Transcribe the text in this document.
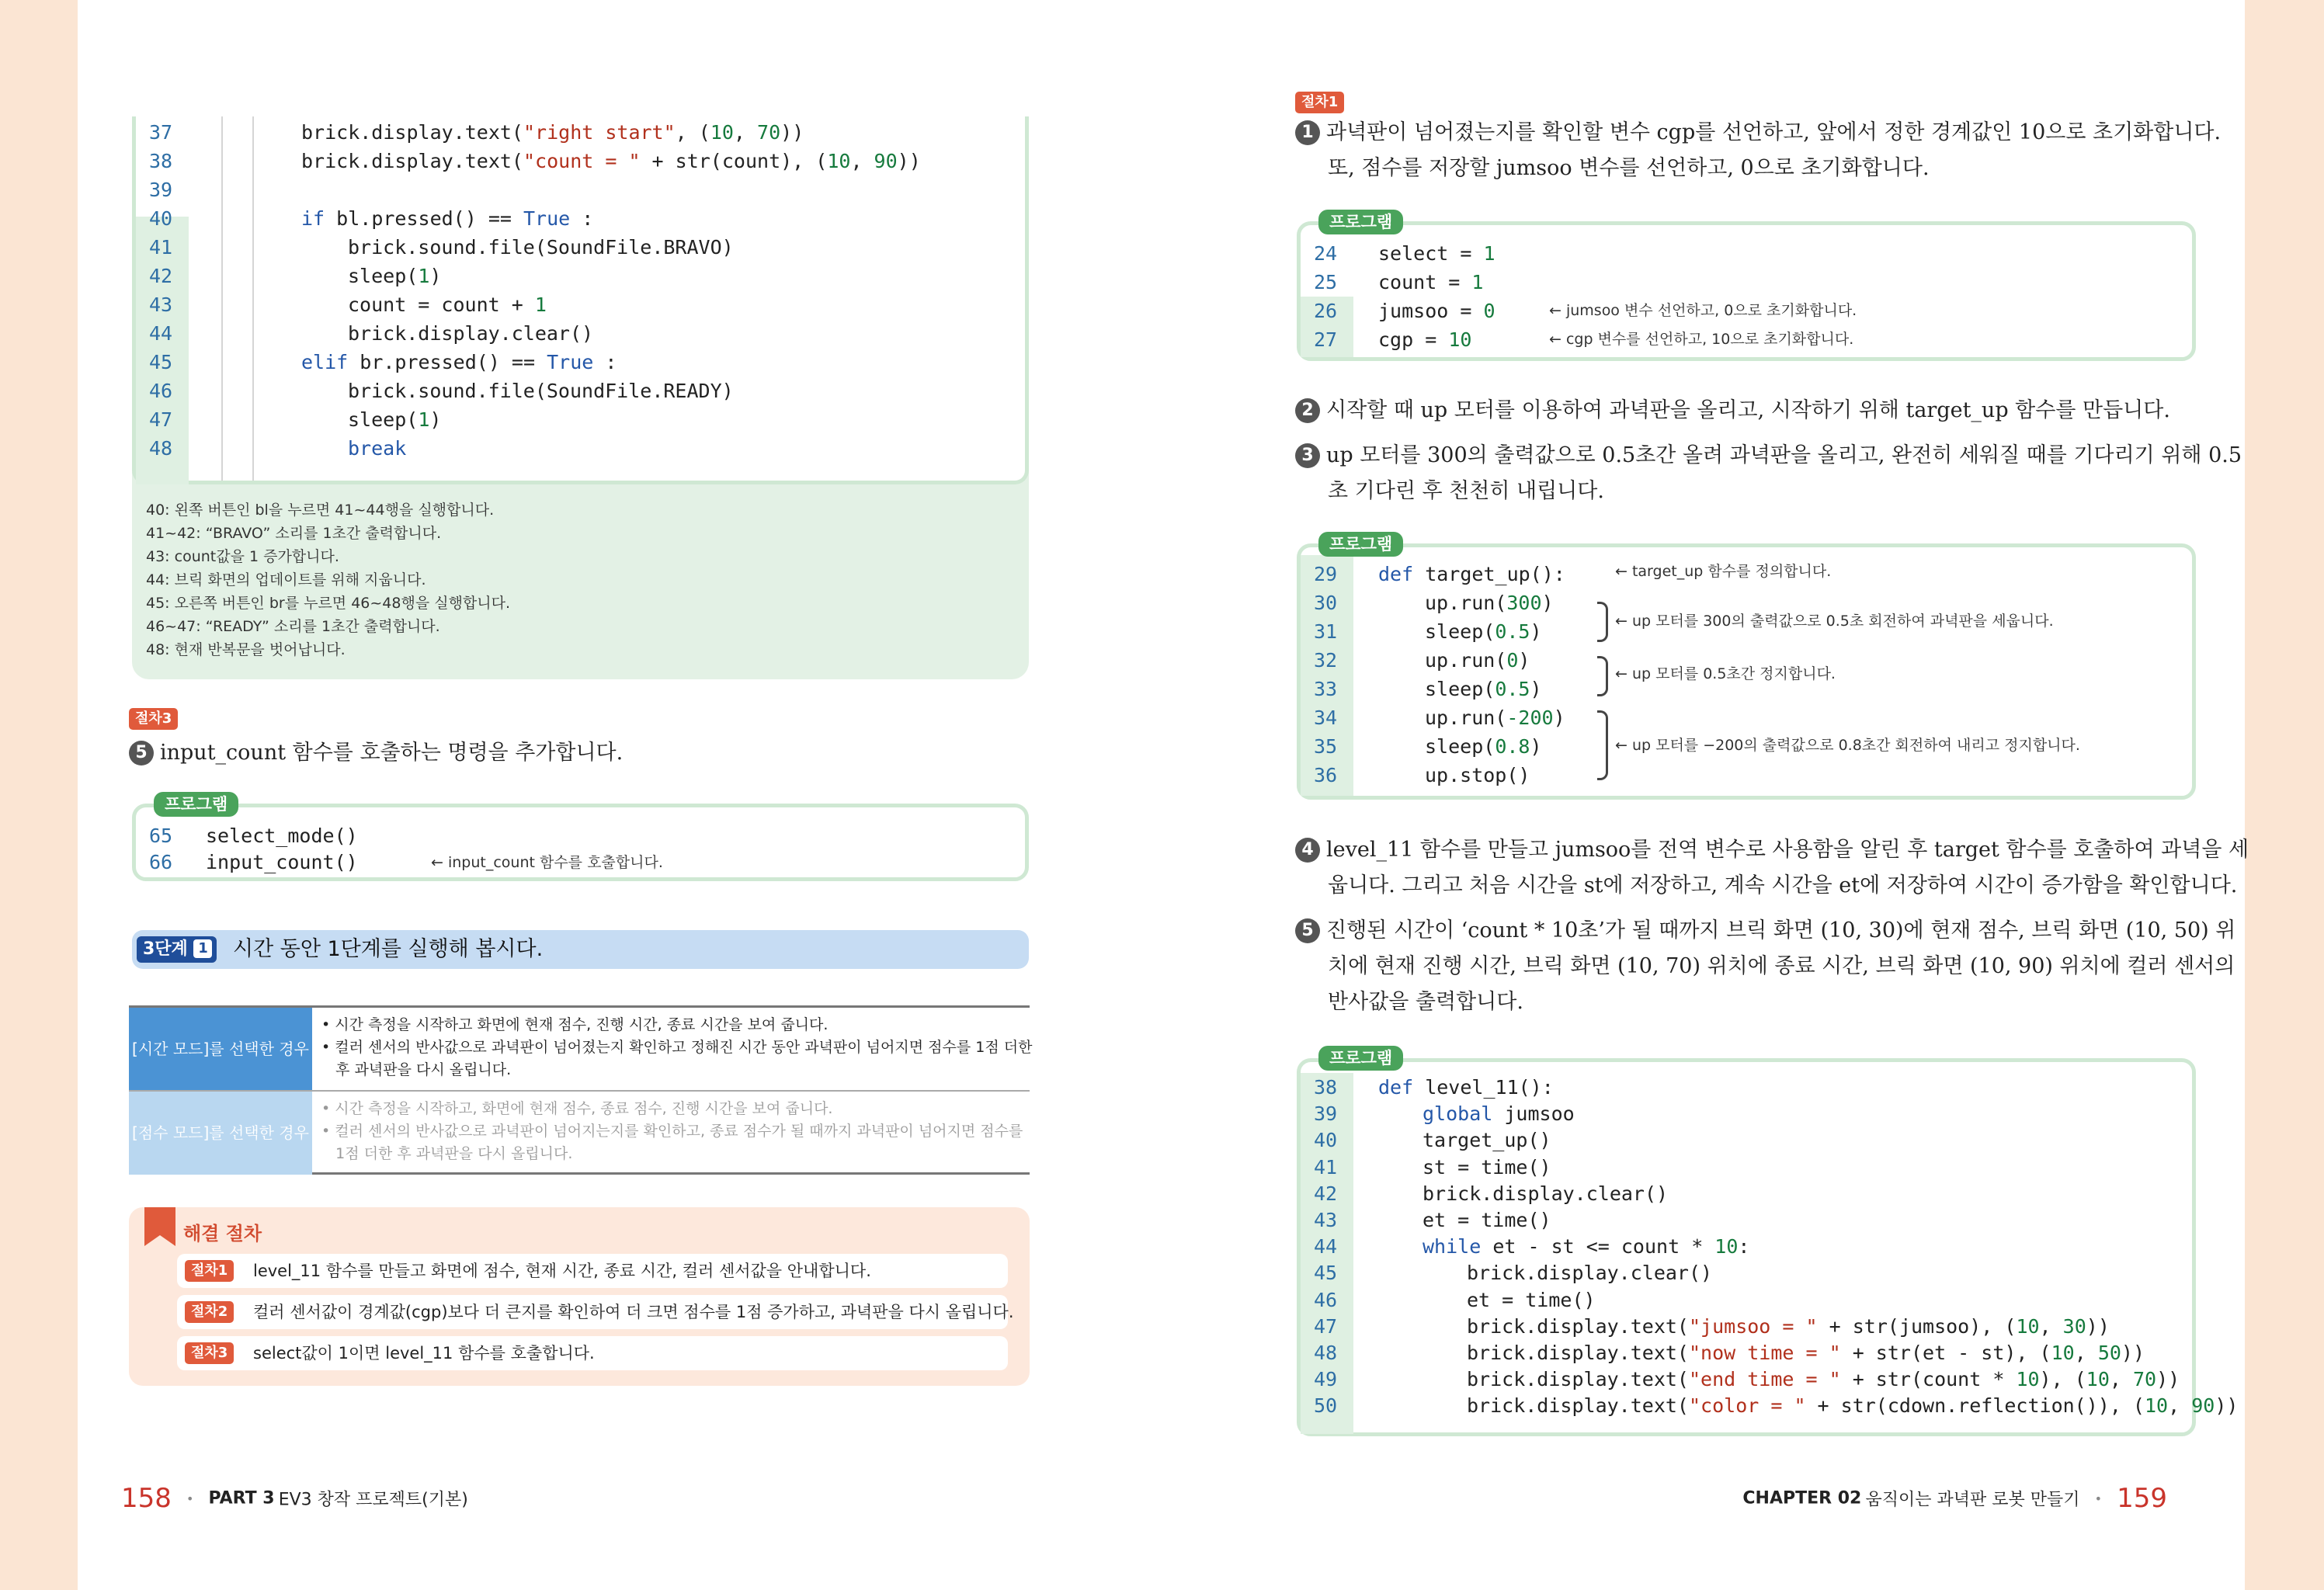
37	brick.display.text("right start", (10, 70))
38	brick.display.text("count = " + str(count), (10, 90))
39
40	if bl.pressed() == True :
41	brick.sound.file(SoundFile.BRAVO)
42	sleep(1)
43	count = count + 1
44	brick.display.clear()
45	elif br.pressed() == True :
46	brick.sound.file(SoundFile.READY)
47	sleep(1)
48	break
40: 왼쪽 버튼인 bl을 누르면 41~44행을 실행합니다.
41~42: “BRAVO” 소리를 1초간 출력합니다.
43: count값을 1 증가합니다.
44: 브릭 화면의 업데이트를 위해 지웁니다.
45: 오른쪽 버튼인 br를 누르면 46~48행을 실행합니다.
46~47: “READY” 소리를 1초간 출력합니다.
48: 현재 반복문을 벗어납니다.
절차3
5 input_count 함수를 호출하는 명령을 추가합니다.
65	select_mode()
66	input_count()	← input_count 함수를 호출합니다.
프로그램
3단계 1	시간 동안 1단계를 실행해 봅시다.
[시간 모드]를 선택한 경우
• 시간 측정을 시작하고 화면에 현재 점수, 진행 시간, 종료 시간을 보여 줍니다.
• 컬러 센서의 반사값으로 과녁판이 넘어졌는지 확인하고 정해진 시간 동안 과녁판이 넘어지면 점수를 1점 더한
후 과녁판을 다시 올립니다.
[점수 모드]를 선택한 경우
• 시간 측정을 시작하고, 화면에 현재 점수, 종료 점수, 진행 시간을 보여 줍니다.
• 컬러 센서의 반사값으로 과녁판이 넘어지는지를 확인하고, 종료 점수가 될 때까지 과녁판이 넘어지면 점수를
1점 더한 후 과녁판을 다시 올립니다.
해결 절차
절차1	level_11 함수를 만들고 화면에 점수, 현재 시간, 종료 시간, 컬러 센서값을 안내합니다.
절차2	컬러 센서값이 경계값(cgp)보다 더 큰지를 확인하여 더 크면 점수를 1점 증가하고, 과녁판을 다시 올립니다.
절차3	select값이 1이면 level_11 함수를 호출합니다.
158 • PART 3 EV3 창작 프로젝트(기본)
절차1
1 과녁판이 넘어졌는지를 확인할 변수 cgp를 선언하고, 앞에서 정한 경계값인 10으로 초기화합니다.
또, 점수를 저장할 jumsoo 변수를 선언하고, 0으로 초기화합니다.
← jumsoo 변수 선언하고, 0으로 초기화합니다.
← cgp 변수를 선언하고, 10으로 초기화합니다.
24	select = 1
25	count = 1
26	jumsoo = 0
27	cgp = 10
프로그램
2 시작할 때 up 모터를 이용하여 과녁판을 올리고, 시작하기 위해 target_up 함수를 만듭니다.
3 up 모터를 300의 출력값으로 0.5초간 올려 과녁판을 올리고, 완전히 세워질 때를 기다리기 위해 0.5
초 기다린 후 천천히 내립니다.
← target_up 함수를 정의합니다.
← up 모터를 300의 출력값으로 0.5초 회전하여 과녁판을 세웁니다.
← up 모터를 0.5초간 정지합니다.
← up 모터를 −200의 출력값으로 0.8초간 회전하여 내리고 정지합니다.
29	def target_up():
30	up.run(300)
31	sleep(0.5)
32	up.run(0)
33	sleep(0.5)
34	up.run(-200)
35	sleep(0.8)
36	up.stop()
프로그램
4 level_11 함수를 만들고 jumsoo를 전역 변수로 사용함을 알린 후 target 함수를 호출하여 과녁을 세
웁니다. 그리고 처음 시간을 st에 저장하고, 계속 시간을 et에 저장하여 시간이 증가함을 확인합니다.
5 진행된 시간이 ‘count * 10초’가 될 때까지 브릭 화면 (10, 30)에 현재 점수, 브릭 화면 (10, 50) 위
치에 현재 진행 시간, 브릭 화면 (10, 70) 위치에 종료 시간, 브릭 화면 (10, 90) 위치에 컬러 센서의
반사값을 출력합니다.
38	def level_11():
39	global jumsoo
40	target_up()
41	st = time()
42	brick.display.clear()
43	et = time()
44	while et - st <= count * 10:
45	brick.display.clear()
46	et = time()
47	brick.display.text("jumsoo = " + str(jumsoo), (10, 30))
48	brick.display.text("now time = " + str(et - st), (10, 50))
49	brick.display.text("end time = " + str(count * 10), (10, 70))
50	brick.display.text("color = " + str(cdown.reflection()), (10, 90))
프로그램
CHAPTER 02 움직이는 과녁판 로봇 만들기 • 159
